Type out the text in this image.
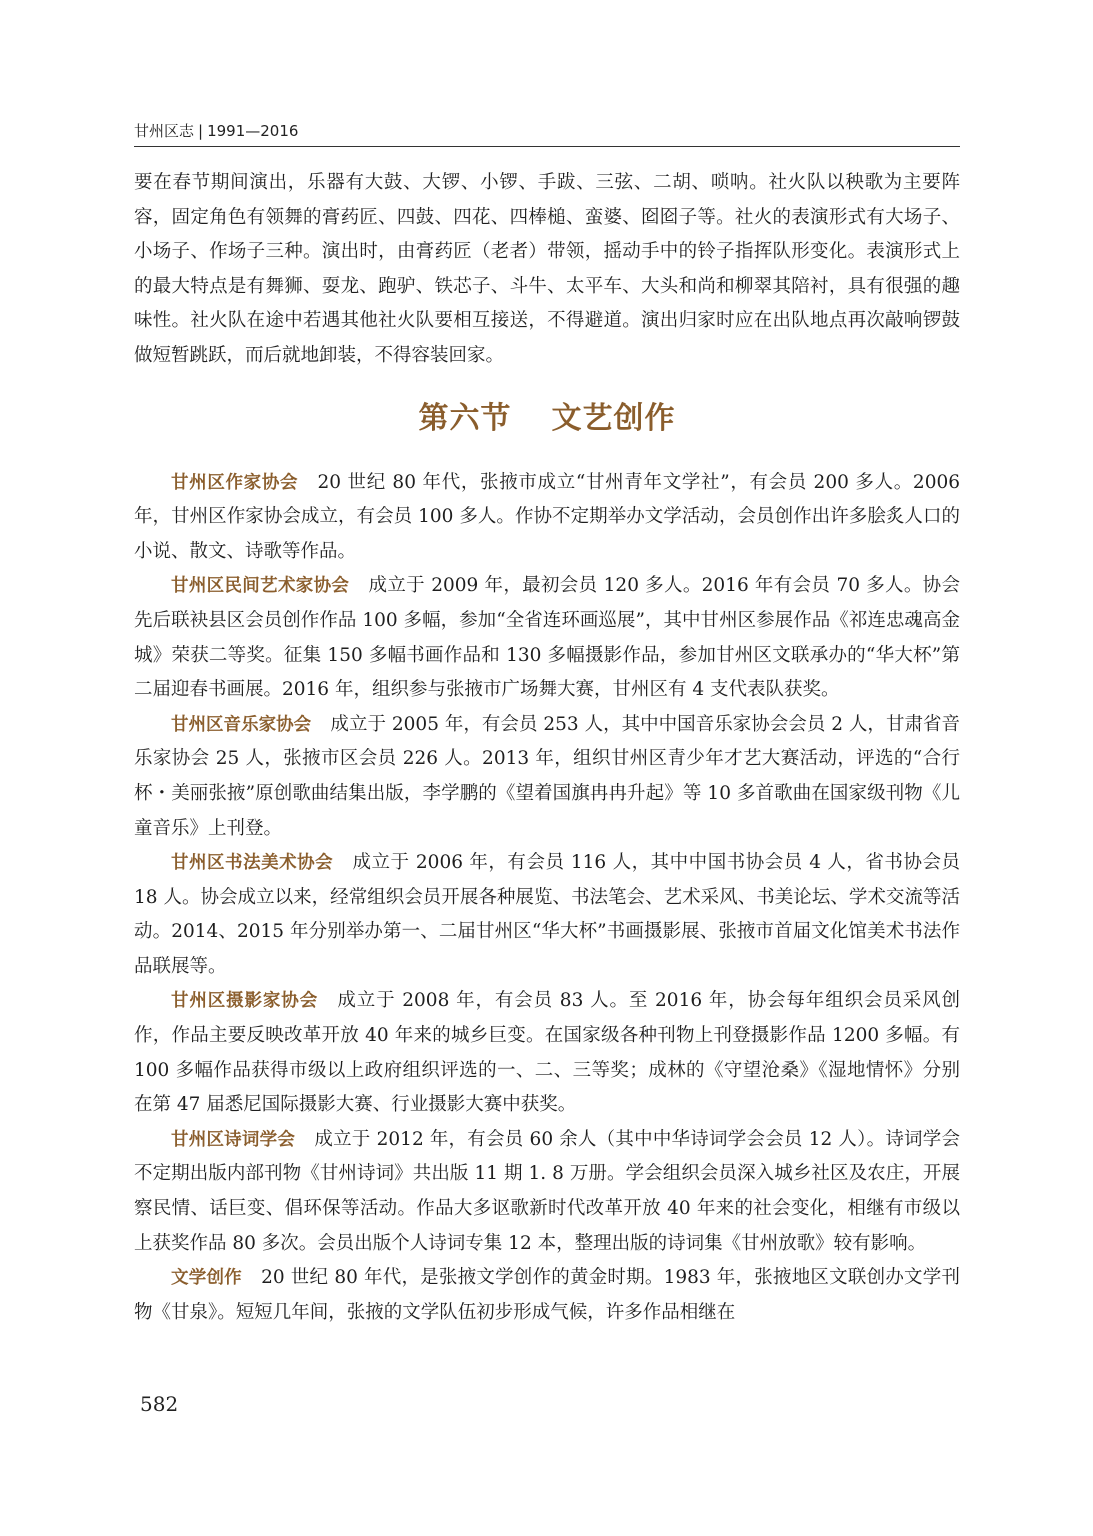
甘州区志 | 1991—2016

要在春节期间演出，乐器有大鼓、大锣、小锣、手跋、三弦、二胡、唢呐。社火队以秧歌为主要阵容，固定角色有领舞的膏药匠、四鼓、四花、四棒槌、蛮婆、囵囵子等。社火的表演形式有大场子、小场子、作场子三种。演出时，由膏药匠（老者）带领，摇动手中的铃子指挥队形变化。表演形式上的最大特点是有舞狮、耍龙、跑驴、铁芯子、斗牛、太平车、大头和尚和柳翠其陪衬，具有很强的趣味性。社火队在途中若遇其他社火队要相互接送，不得避道。演出归家时应在出队地点再次敲响锣鼓做短暂跳跃，而后就地卸装，不得容装回家。

第六节 文艺创作

甘州区作家协会 20 世纪 80 年代，张掖市成立“甘州青年文学社”，有会员 200 多人。2006 年，甘州区作家协会成立，有会员 100 多人。作协不定期举办文学活动，会员创作出许多脍炙人口的小说、散文、诗歌等作品。

甘州区民间艺术家协会 成立于 2009 年，最初会员 120 多人。2016 年有会员 70 多人。协会先后联袂县区会员创作作品 100 多幅，参加“全省连环画巡展”，其中甘州区参展作品《祁连忠魂高金城》荣获二等奖。征集 150 多幅书画作品和 130 多幅摄影作品，参加甘州区文联承办的“华大杯”第二届迎春书画展。2016 年，组织参与张掖市广场舞大赛，甘州区有 4 支代表队获奖。

甘州区音乐家协会 成立于 2005 年，有会员 253 人，其中中国音乐家协会会员 2 人，甘肃省音乐家协会 25 人，张掖市区会员 226 人。2013 年，组织甘州区青少年才艺大赛活动，评选的“合行杯・美丽张掖”原创歌曲结集出版，李学鹏的《望着国旗冉冉升起》等 10 多首歌曲在国家级刊物《儿童音乐》上刊登。

甘州区书法美术协会 成立于 2006 年，有会员 116 人，其中中国书协会员 4 人，省书协会员 18 人。协会成立以来，经常组织会员开展各种展览、书法笔会、艺术采风、书美论坛、学术交流等活动。2014、2015 年分别举办第一、二届甘州区“华大杯”书画摄影展、张掖市首届文化馆美术书法作品联展等。

甘州区摄影家协会 成立于 2008 年，有会员 83 人。至 2016 年，协会每年组织会员采风创作，作品主要反映改革开放 40 年来的城乡巨变。在国家级各种刊物上刊登摄影作品 1200 多幅。有 100 多幅作品获得市级以上政府组织评选的一、二、三等奖；成林的《守望沧桑》《湿地情怀》分别在第 47 届悉尼国际摄影大赛、行业摄影大赛中获奖。

甘州区诗词学会 成立于 2012 年，有会员 60 余人（其中中华诗词学会会员 12 人）。诗词学会不定期出版内部刊物《甘州诗词》共出版 11 期 1. 8 万册。学会组织会员深入城乡社区及农庄，开展察民情、话巨变、倡环保等活动。作品大多讴歌新时代改革开放 40 年来的社会变化，相继有市级以上获奖作品 80 多次。会员出版个人诗词专集 12 本，整理出版的诗词集《甘州放歌》较有影响。

文学创作 20 世纪 80 年代，是张掖文学创作的黄金时期。1983 年，张掖地区文联创办文学刊物《甘泉》。短短几年间，张掖的文学队伍初步形成气候，许多作品相继在

582
